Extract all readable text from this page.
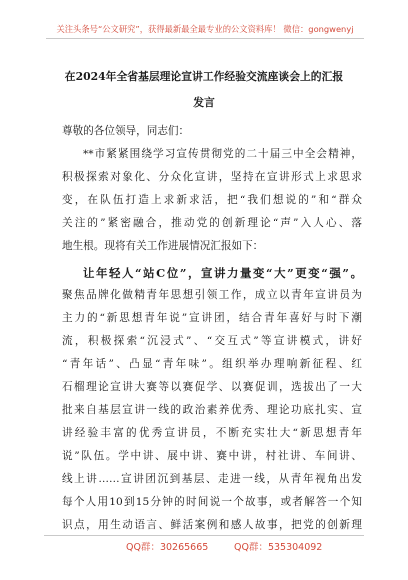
关注头条号“公文研究”，获得最新最全最专业的公文资料库！ 微信：gongwenyj
在2024年全省基层理论宣讲工作经验交流座谈会上的汇报
发言
尊敬的各位领导，同志们：
**市紧紧围绕学习宣传贯彻党的二十届三中全会精神，
积极探索对象化、分众化宣讲，坚持在宣讲形式上求思求
变，在队伍打造上求新求活，把“我们想说的”和“群众
关注的”紧密融合，推动党的创新理论“声”入人心、落
地生根。现将有关工作进展情况汇报如下：
让年轻人“站C位”，宣讲力量变“大”更变“强”。
聚焦品牌化做精青年思想引领工作，成立以青年宣讲员为
主力的“新思想青年说”宣讲团，结合青年喜好与时下潮
流，积极探索“沉浸式”、“交互式”等宣讲模式，讲好
“青年话”、凸显“青年味”。组织举办理响新征程、红
石榴理论宣讲大赛等以赛促学、以赛促训，选拔出了一大
批来自基层宣讲一线的政治素养优秀、理论功底扎实、宣
讲经验丰富的优秀宣讲员，不断充实壮大“新思想青年
说”队伍。学中讲、展中讲、赛中讲，村社讲、车间讲、
线上讲……宣讲团沉到基层、走进一线，从青年视角出发
每个人用10到15分钟的时间说一个故事，或者解答一个知
识点，用生动语言、鲜活案例和感人故事，把党的创新理
QQ群：30265665	QQ群：535304092
